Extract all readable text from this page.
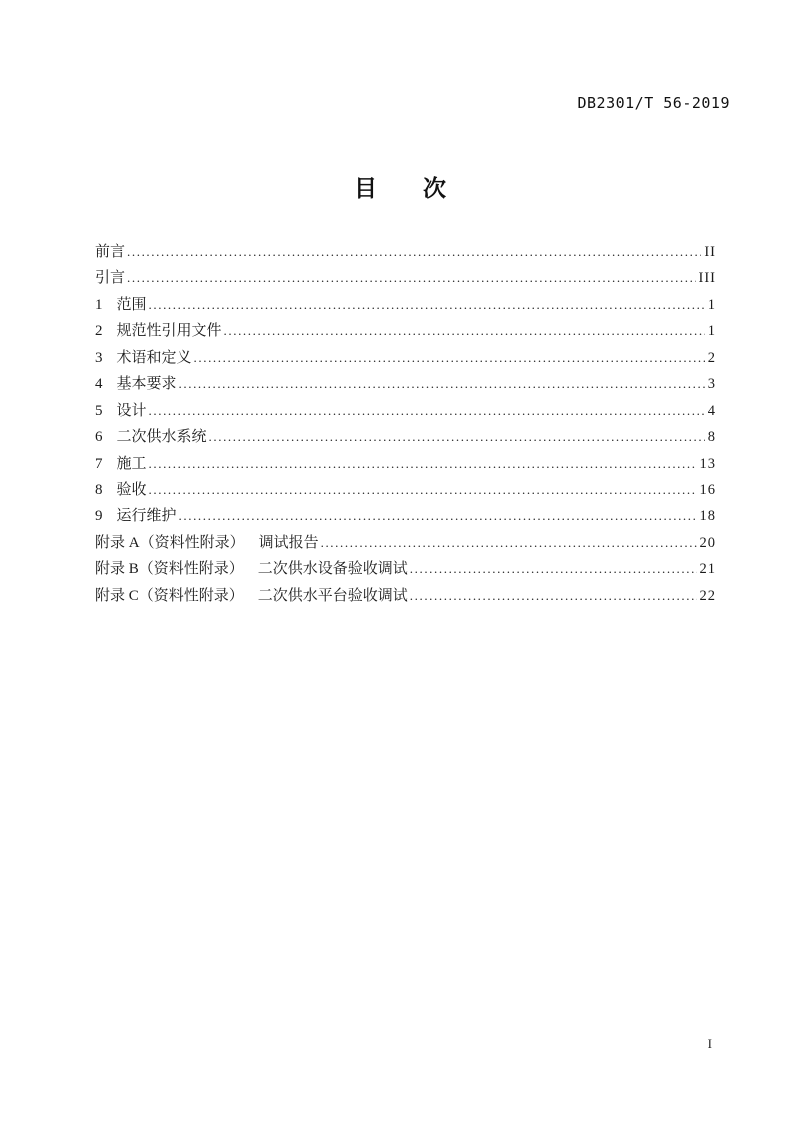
DB2301/T 56-2019
目　　次
前言 .....	II
引言 .....	III
1 范围 .....	1
2 规范性引用文件 .....	1
3 术语和定义 .....	2
4 基本要求 .....	3
5 设计 .....	4
6 二次供水系统 .....	8
7 施工 .....	13
8 验收 .....	16
9 运行维护 .....	18
附录 A（资料性附录） 调试报告 .....	20
附录 B（资料性附录） 二次供水设备验收调试 .....	21
附录 C（资料性附录） 二次供水平台验收调试 .....	22
I
